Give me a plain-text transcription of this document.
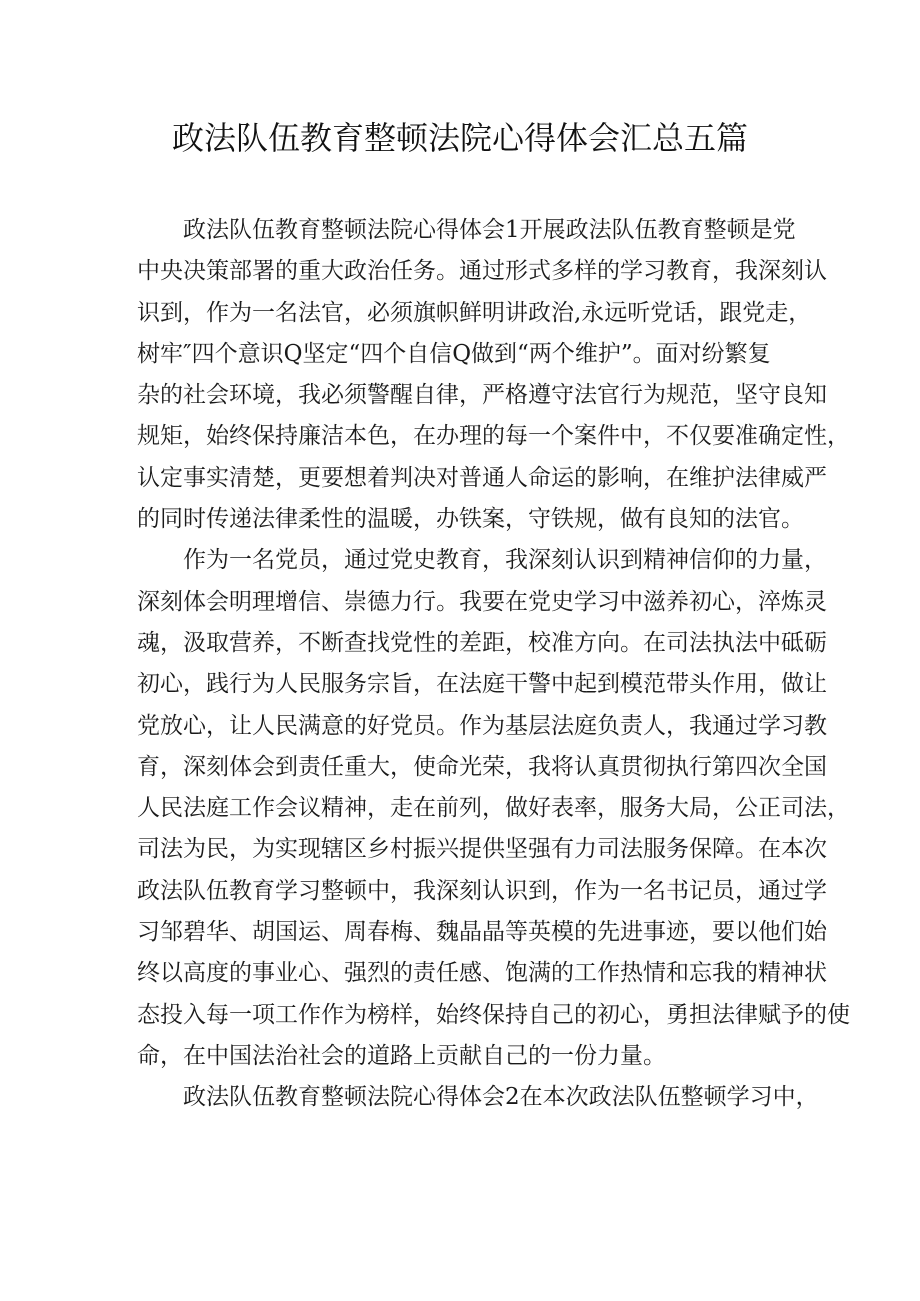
政法队伍教育整顿法院心得体会汇总五篇
政法队伍教育整顿法院心得体会1开展政法队伍教育整顿是党
中央决策部署的重大政治任务。通过形式多样的学习教育，我深刻认
识到，作为一名法官，必须旗帜鲜明讲政治,永远听党话，跟党走，
树牢″四个意识Q坚定“四个自信Q做到“两个维护”。面对纷繁复
杂的社会环境，我必须警醒自律，严格遵守法官行为规范，坚守良知
规矩，始终保持廉洁本色，在办理的每一个案件中，不仅要准确定性，
认定事实清楚，更要想着判决对普通人命运的影响，在维护法律威严
的同时传递法律柔性的温暖，办铁案，守铁规，做有良知的法官。
作为一名党员，通过党史教育，我深刻认识到精神信仰的力量，
深刻体会明理增信、崇德力行。我要在党史学习中滋养初心，淬炼灵
魂，汲取营养，不断查找党性的差距，校准方向。在司法执法中砥砺
初心，践行为人民服务宗旨，在法庭干警中起到模范带头作用，做让
党放心，让人民满意的好党员。作为基层法庭负责人，我通过学习教
育，深刻体会到责任重大，使命光荣，我将认真贯彻执行第四次全国
人民法庭工作会议精神，走在前列，做好表率，服务大局，公正司法，
司法为民，为实现辖区乡村振兴提供坚强有力司法服务保障。在本次
政法队伍教育学习整顿中，我深刻认识到，作为一名书记员，通过学
习邹碧华、胡国运、周春梅、魏晶晶等英模的先进事迹，要以他们始
终以高度的事业心、强烈的责任感、饱满的工作热情和忘我的精神状
态投入每一项工作作为榜样，始终保持自己的初心，勇担法律赋予的使
命，在中国法治社会的道路上贡献自己的一份力量。
政法队伍教育整顿法院心得体会2在本次政法队伍整顿学习中，
